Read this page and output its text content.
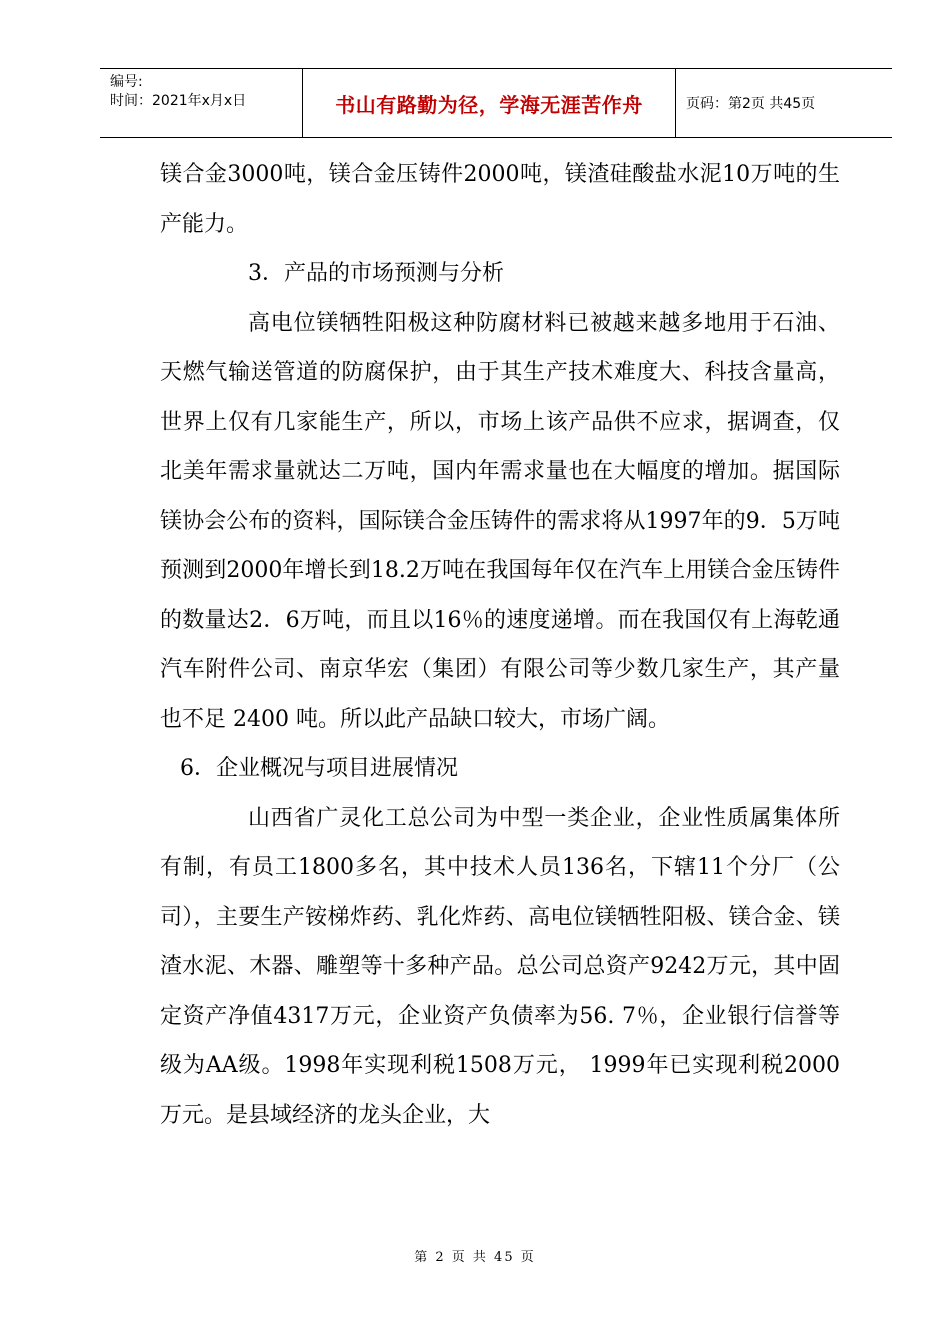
编号:
时间：2021年x月x日	书山有路勤为径，学海无涯苦作舟	页码：第2页 共45页

镁合金3000吨，镁合金压铸件2000吨，镁渣硅酸盐水泥10万吨的生产能力。

3．产品的市场预测与分析

高电位镁牺牲阳极这种防腐材料已被越来越多地用于石油、天燃气输送管道的防腐保护，由于其生产技术难度大、科技含量高，世界上仅有几家能生产，所以，市场上该产品供不应求，据调查，仅北美年需求量就达二万吨，国内年需求量也在大幅度的增加。据国际镁协会公布的资料，国际镁合金压铸件的需求将从1997年的9．5万吨预测到2000年增长到18.2万吨在我国每年仅在汽车上用镁合金压铸件的数量达2．6万吨，而且以16％的速度递增。而在我国仅有上海乾通汽车附件公司、南京华宏（集团）有限公司等少数几家生产，其产量也不足 2400 吨。所以此产品缺口较大，市场广阔。

6．企业概况与项目进展情况

山西省广灵化工总公司为中型一类企业，企业性质属集体所有制，有员工1800多名，其中技术人员136名，下辖11个分厂（公司），主要生产铵梯炸药、乳化炸药、高电位镁牺牲阳极、镁合金、镁渣水泥、木器、雕塑等十多种产品。总公司总资产9242万元，其中固定资产净值4317万元，企业资产负债率为56. 7％，企业银行信誉等级为AA级。1998年实现利税1508万元， 1999年已实现利税2000万元。是县域经济的龙头企业，大

第 2 页 共 45 页
